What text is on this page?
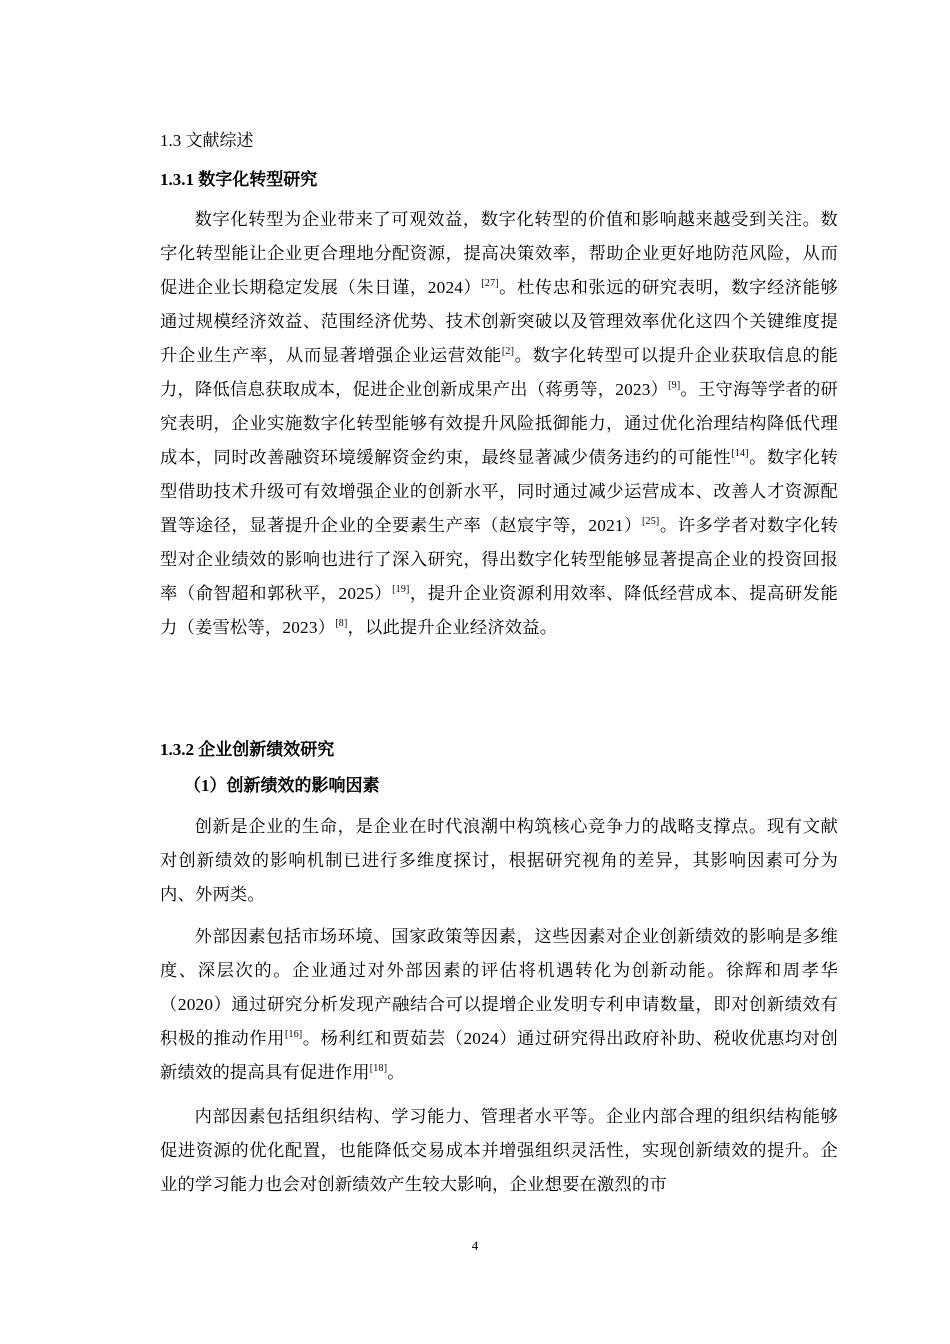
1.3 文献综述
1.3.1 数字化转型研究

数字化转型为企业带来了可观效益，数字化转型的价值和影响越来越受到关注。数字化转型能让企业更合理地分配资源，提高决策效率，帮助企业更好地防范风险，从而促进企业长期稳定发展（朱日谨，2024）[27]。杜传忠和张远的研究表明，数字经济能够通过规模经济效益、范围经济优势、技术创新突破以及管理效率优化这四个关键维度提升企业生产率，从而显著增强企业运营效能[2]。数字化转型可以提升企业获取信息的能力，降低信息获取成本，促进企业创新成果产出（蒋勇等，2023）[9]。王守海等学者的研究表明，企业实施数字化转型能够有效提升风险抵御能力，通过优化治理结构降低代理成本，同时改善融资环境缓解资金约束，最终显著减少债务违约的可能性[14]。数字化转型借助技术升级可有效增强企业的创新水平，同时通过减少运营成本、改善人才资源配置等途径，显著提升企业的全要素生产率（赵宸宇等，2021）[25]。许多学者对数字化转型对企业绩效的影响也进行了深入研究，得出数字化转型能够显著提高企业的投资回报率（俞智超和郭秋平，2025）[19]，提升企业资源利用效率、降低经营成本、提高研发能力（姜雪松等，2023）[8]，以此提升企业经济效益。

1.3.2 企业创新绩效研究
（1）创新绩效的影响因素

创新是企业的生命，是企业在时代浪潮中构筑核心竞争力的战略支撑点。现有文献对创新绩效的影响机制已进行多维度探讨，根据研究视角的差异，其影响因素可分为内、外两类。

外部因素包括市场环境、国家政策等因素，这些因素对企业创新绩效的影响是多维度、深层次的。企业通过对外部因素的评估将机遇转化为创新动能。徐辉和周孝华（2020）通过研究分析发现产融结合可以提增企业发明专利申请数量，即对创新绩效有积极的推动作用[16]。杨利红和贾茹芸（2024）通过研究得出政府补助、税收优惠均对创新绩效的提高具有促进作用[18]。

内部因素包括组织结构、学习能力、管理者水平等。企业内部合理的组织结构能够促进资源的优化配置，也能降低交易成本并增强组织灵活性，实现创新绩效的提升。企业的学习能力也会对创新绩效产生较大影响，企业想要在激烈的市

4
